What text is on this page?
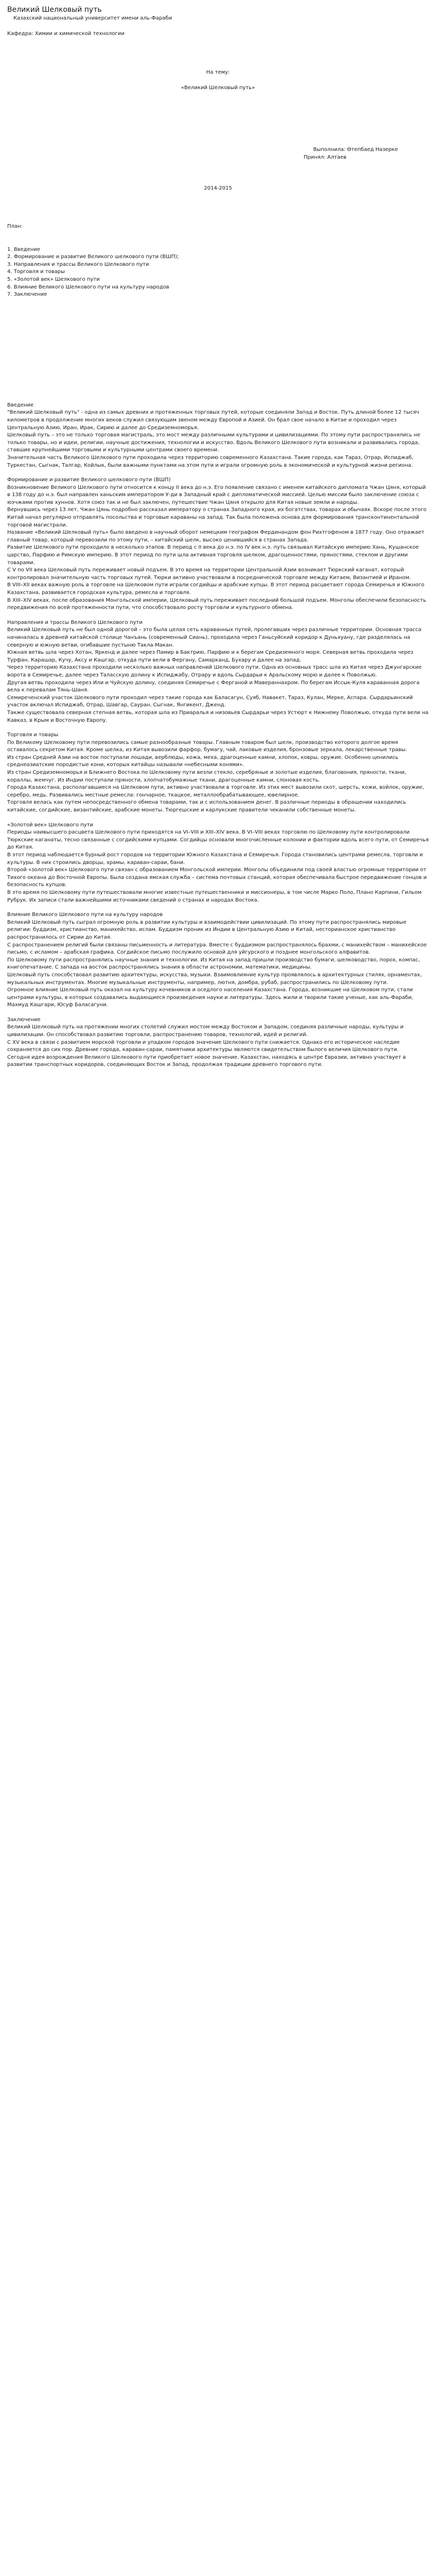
Великий Шелковый путь

Казахский национальный университет имени аль-Фараби

Кафедра: Химии и химической технологии

На тему:

«Великий Шелковый путь»

Выполнила: Өтепбаед Назерке

Принял: Алтаев

2014-2015

План:

1. Введение

2. Формирование и развитие Великого шелкового пути (ВШП);

3. Направления и трассы Великого Шелкового пути

4. Торговля и товары

5. «Золотой век» Шелкового пути

6. Влияние Великого Шелкового пути на культуру народов

7. Заключение

Введение

"Великий Шелковый путь" - одна из самых древних и протяженных торговых путей, которые соединяли Запад и Восток. Путь длиной более 12 тысяч километров в продолжение многих веков служил связующим звеном между Европой и Азией. Он брал свое начало в Китае и проходил через Центральную Азию, Иран, Ирак, Сирию и далее до Средиземноморья.

Шелковый путь – это не только торговая магистраль, это мост между различными культурами и цивилизациями. По этому пути распространялись не только товары, но и идеи, религии, научные достижения, технологии и искусство. Вдоль Великого Шелкового пути возникали и развивались города, ставшие крупнейшими торговыми и культурными центрами своего времени.

Значительная часть Великого Шелкового пути проходила через территорию современного Казахстана. Такие города, как Тараз, Отрар, Испиджаб, Туркестан, Сыгнак, Талгар, Койлык, были важными пунктами на этом пути и играли огромную роль в экономической и культурной жизни региона.

Формирование и развитие Великого шелкового пути (ВШП)

Возникновение Великого Шелкового пути относится к концу II века до н.э. Его появление связано с именем китайского дипломата Чжан Цяня, который в 138 году до н.э. был направлен ханьским императором У-ди в Западный край с дипломатической миссией. Целью миссии было заключение союза с юэчжами против хуннов. Хотя союз так и не был заключен, путешествие Чжан Цяня открыло для Китая новые земли и народы.

Вернувшись через 13 лет, Чжан Цянь подробно рассказал императору о странах Западного края, их богатствах, товарах и обычаях. Вскоре после этого Китай начал регулярно отправлять посольства и торговые караваны на запад. Так была положена основа для формирования трансконтинентальной торговой магистрали.

Название «Великий Шелковый путь» было введено в научный оборот немецким географом Фердинандом фон Рихтгофеном в 1877 году. Оно отражает главный товар, который перевозили по этому пути, – китайский шелк, высоко ценившийся в странах Запада.

Развитие Шелкового пути проходило в несколько этапов. В период с II века до н.э. по IV век н.э. путь связывал Китайскую империю Хань, Кушанское царство, Парфию и Римскую империю. В этот период по пути шла активная торговля шелком, драгоценностями, пряностями, стеклом и другими товарами.

С V по VII века Шелковый путь переживает новый подъем. В это время на территории Центральной Азии возникает Тюркский каганат, который контролировал значительную часть торговых путей. Тюрки активно участвовали в посреднической торговле между Китаем, Византией и Ираном.

В VIII–XII веках важную роль в торговле на Шелковом пути играли согдийцы и арабские купцы. В этот период расцветают города Семиречья и Южного Казахстана, развивается городская культура, ремесла и торговля.

В XIII–XIV веках, после образования Монгольской империи, Шелковый путь переживает последний большой подъем. Монголы обеспечили безопасность передвижения по всей протяженности пути, что способствовало росту торговли и культурного обмена.

Направления и трассы Великого Шелкового пути

Великий Шелковый путь не был одной дорогой – это была целая сеть караванных путей, пролегавших через различные территории. Основная трасса начиналась в древней китайской столице Чанъань (современный Сиань), проходила через Ганьсуйский коридор к Дуньхуану, где разделялась на северную и южную ветви, огибавшие пустыню Такла-Макан.

Южная ветвь шла через Хотан, Яркенд и далее через Памир в Бактрию, Парфию и к берегам Средиземного моря. Северная ветвь проходила через Турфан, Карашар, Кучу, Аксу и Кашгар, откуда пути вели в Фергану, Самарканд, Бухару и далее на запад.

Через территорию Казахстана проходили несколько важных направлений Шелкового пути. Одна из основных трасс шла из Китая через Джунгарские ворота в Семиречье, далее через Таласскую долину к Испиджабу, Отрару и вдоль Сырдарьи к Аральскому морю и далее к Поволжью.

Другая ветвь проходила через Или и Чуйскую долину, соединяя Семиречье с Ферганой и Мавераннахром. По берегам Иссык-Куля караванная дорога вела к перевалам Тянь-Шаня.

Семиреченский участок Шелкового пути проходил через такие города как Баласагун, Суяб, Навакет, Тараз, Кулан, Мерке, Аспара. Сырдарьинский участок включал Испиджаб, Отрар, Шавгар, Сауран, Сыгнак, Янгикент, Дженд.

Также существовала северная степная ветвь, которая шла из Приаралья и низовьев Сырдарьи через Устюрт к Нижнему Поволжью, откуда пути вели на Кавказ, в Крым и Восточную Европу.

Торговля и товары

По Великому Шелковому пути перевозились самые разнообразные товары. Главным товаром был шелк, производство которого долгое время оставалось секретом Китая. Кроме шелка, из Китая вывозили фарфор, бумагу, чай, лаковые изделия, бронзовые зеркала, лекарственные травы.

Из стран Средней Азии на восток поступали лошади, верблюды, кожа, меха, драгоценные камни, хлопок, ковры, оружие. Особенно ценились среднеазиатские породистые кони, которых китайцы называли «небесными конями».

Из стран Средиземноморья и Ближнего Востока по Шелковому пути везли стекло, серебряные и золотые изделия, благовония, пряности, ткани, кораллы, жемчуг. Из Индии поступали пряности, хлопчатобумажные ткани, драгоценные камни, слоновая кость.

Города Казахстана, располагавшиеся на Шелковом пути, активно участвовали в торговле. Из этих мест вывозили скот, шерсть, кожи, войлок, оружие, серебро, медь. Развивались местные ремесла: гончарное, ткацкое, металлообрабатывающее, ювелирное.

Торговля велась как путем непосредственного обмена товарами, так и с использованием денег. В различные периоды в обращении находились китайские, согдийские, византийские, арабские монеты. Тюргешские и карлукские правители чеканили собственные монеты.

«Золотой век» Шелкового пути

Периоды наивысшего расцвета Шелкового пути приходятся на VI–VIII и XIII–XIV века. В VI–VIII веках торговлю по Шелковому пути контролировали Тюркские каганаты, тесно связанные с согдийскими купцами. Согдийцы основали многочисленные колонии и фактории вдоль всего пути, от Семиречья до Китая.

В этот период наблюдается бурный рост городов на территории Южного Казахстана и Семиречья. Города становились центрами ремесла, торговли и культуры. В них строились дворцы, храмы, караван-сараи, бани.

Второй «золотой век» Шелкового пути связан с образованием Монгольской империи. Монголы объединили под своей властью огромные территории от Тихого океана до Восточной Европы. Была создана ямская служба – система почтовых станций, которая обеспечивала быстрое передвижение гонцов и безопасность купцов.

В это время по Шелковому пути путешествовали многие известные путешественники и миссионеры, в том числе Марко Поло, Плано Карпини, Гильом Рубрук. Их записи стали важнейшими источниками сведений о странах и народах Востока.

Влияние Великого Шелкового пути на культуру народов

Великий Шелковый путь сыграл огромную роль в развитии культуры и взаимодействии цивилизаций. По этому пути распространялись мировые религии: буддизм, христианство, манихейство, ислам. Буддизм проник из Индии в Центральную Азию и Китай, несторианское христианство распространилось от Сирии до Китая.

С распространением религий были связаны письменность и литература. Вместе с буддизмом распространялось брахми, с манихейством – манихейское письмо, с исламом – арабская графика. Согдийское письмо послужило основой для уйгурского и позднее монгольского алфавитов.

По Шелковому пути распространялись научные знания и технологии. Из Китая на запад пришли производство бумаги, шелководство, порох, компас, книгопечатание. С запада на восток распространялись знания в области астрономии, математики, медицины.

Шелковый путь способствовал развитию архитектуры, искусства, музыки. Взаимовлияние культур проявлялось в архитектурных стилях, орнаментах, музыкальных инструментах. Многие музыкальные инструменты, например, лютня, домбра, рубаб, распространились по Шелковому пути.

Огромное влияние Шелковый путь оказал на культуру кочевников и оседлого населения Казахстана. Города, возникшие на Шелковом пути, стали центрами культуры, в которых создавались выдающиеся произведения науки и литературы. Здесь жили и творили такие ученые, как аль-Фараби, Махмуд Кашгари, Юсуф Баласагуни.

Заключение

Великий Шелковый путь на протяжении многих столетий служил мостом между Востоком и Западом, соединяя различные народы, культуры и цивилизации. Он способствовал развитию торговли, распространению товаров, технологий, идей и религий.

С XV века в связи с развитием морской торговли и упадком городов значение Шелкового пути снижается. Однако его историческое наследие сохраняется до сих пор. Древние города, караван-сараи, памятники архитектуры являются свидетельством былого величия Шелкового пути.

Сегодня идея возрождения Великого Шелкового пути приобретает новое значение. Казахстан, находясь в центре Евразии, активно участвует в развитии транспортных коридоров, соединяющих Восток и Запад, продолжая традиции древнего торгового пути.
